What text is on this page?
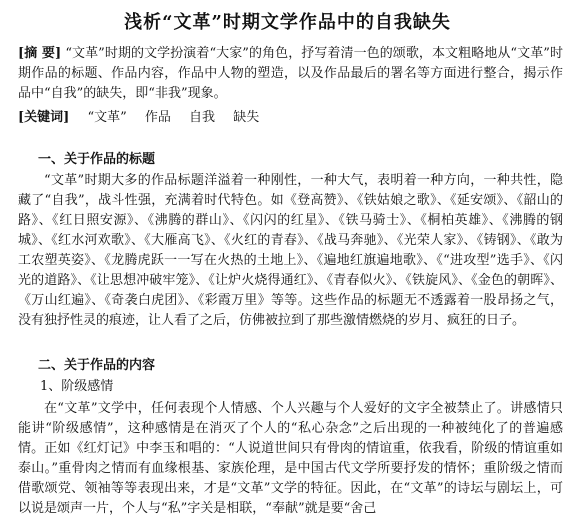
浅析“文革”时期文学作品中的自我缺失
[摘 要] “文革”时期的文学扮演着“大家”的角色，抒写着清一色的颂歌，本文粗略地从“文革”时期作品的标题、作品内容，作品中人物的塑造，以及作品最后的署名等方面进行整合，揭示作品中“自我”的缺失，即“非我”现象。
[关键词] “文革” 作品 自我 缺失
一、关于作品的标题
“文革”时期大多的作品标题洋溢着一种刚性，一种大气，表明着一种方向，一种共性，隐藏了“自我”，战斗性强，充满着时代特色。如《登高赞》、《铁姑娘之歌》、《延安颂》、《韶山的路》、《红日照安源》、《沸腾的群山》、《闪闪的红星》、《铁马骑士》、《桐柏英雄》、《沸腾的钢城》、《红水河欢歌》、《大雁高飞》、《火红的青春》、《战马奔驰》、《光荣人家》、《铸钢》、《敢为工农塑英姿》、《龙腾虎跃一一写在火热的土地上》、《遍地红旗遍地歌》、《“进攻型”选手》、《闪光的道路》、《让思想冲破牢笼》、《让炉火烧得通红》、《青春似火》、《铁旋风》、《金色的朝晖》、《万山红遍》、《奇袭白虎团》、《彩霞万里》等等。这些作品的标题无不透露着一股昂扬之气，没有独抒性灵的痕迹，让人看了之后，仿佛被拉到了那些激情燃烧的岁月、疯狂的日子。
二、关于作品的内容
1、阶级感情
在“文革”文学中，任何表现个人情感、个人兴趣与个人爱好的文字全被禁止了。讲感情只能讲“阶级感情”，这种感情是在消灭了个人的“私心杂念”之后出现的一种被纯化了的普遍感情。正如《红灯记》中李玉和唱的：“人说道世间只有骨肉的情谊重，依我看，阶级的情谊重如泰山。”重骨肉之情而有血缘根基、家族伦理，是中国古代文学所要抒发的情怀；重阶级之情而借歌颂党、领袖等等表现出来，才是“文革”文学的特征。因此，在“文革”的诗坛与剧坛上，可以说是颂声一片，个人与“私”字关是相联，“奉献”就是要“舍己
